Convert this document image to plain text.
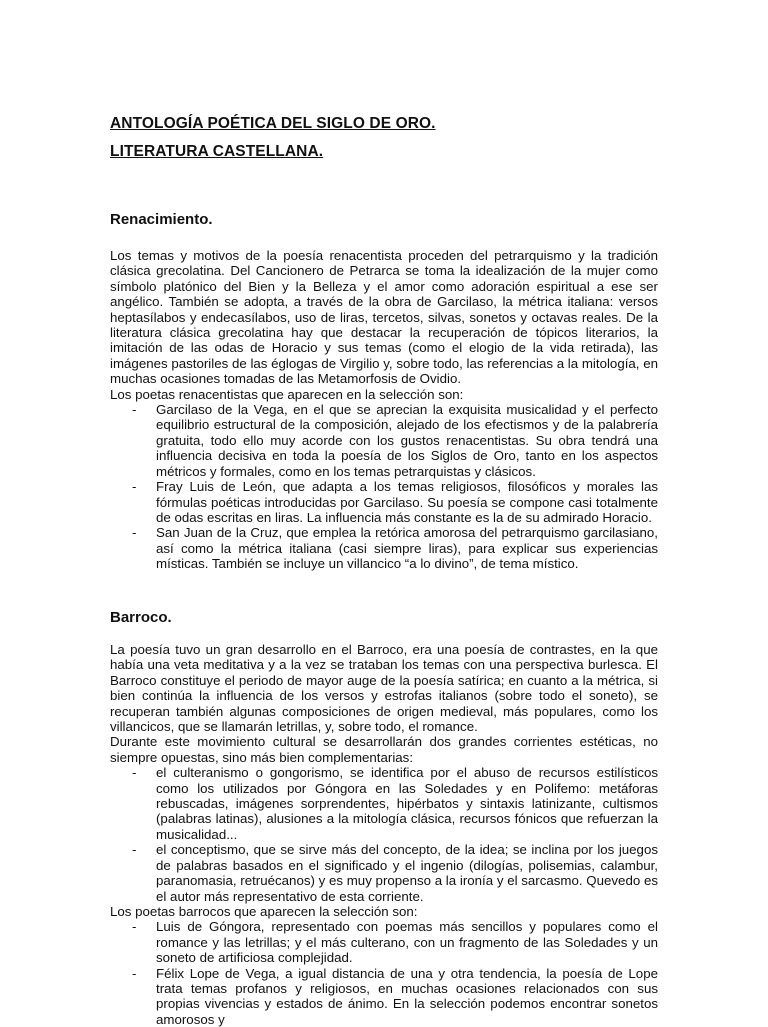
ANTOLOGÍA POÉTICA DEL SIGLO DE ORO.
LITERATURA CASTELLANA.
Renacimiento.

Los temas y motivos de la poesía renacentista proceden del petrarquismo y la tradición clásica grecolatina. Del Cancionero de Petrarca se toma la idealización de la mujer como símbolo platónico del Bien y la Belleza y el amor como adoración espiritual a ese ser angélico. También se adopta, a través de la obra de Garcilaso, la métrica italiana: versos heptasílabos y endecasílabos, uso de liras, tercetos, silvas, sonetos y octavas reales. De la literatura clásica grecolatina hay que destacar la recuperación de tópicos literarios, la imitación de las odas de Horacio y sus temas (como el elogio de la vida retirada), las imágenes pastoriles de las églogas de Virgilio y, sobre todo, las referencias a la mitología, en muchas ocasiones tomadas de las Metamorfosis de Ovidio.

Los poetas renacentistas que aparecen en la selección son:

- Garcilaso de la Vega, en el que se aprecian la exquisita musicalidad y el perfecto equilibrio estructural de la composición, alejado de los efectismos y de la palabrería gratuita, todo ello muy acorde con los gustos renacentistas. Su obra tendrá una influencia decisiva en toda la poesía de los Siglos de Oro, tanto en los aspectos métricos y formales, como en los temas petrarquistas y clásicos.
- Fray Luis de León, que adapta a los temas religiosos, filosóficos y morales las fórmulas poéticas introducidas por Garcilaso. Su poesía se compone casi totalmente de odas escritas en liras. La influencia más constante es la de su admirado Horacio.
- San Juan de la Cruz, que emplea la retórica amorosa del petrarquismo garcilasiano, así como la métrica italiana (casi siempre liras), para explicar sus experiencias místicas. También se incluye un villancico “a lo divino”, de tema místico.
Barroco.

La poesía tuvo un gran desarrollo en el Barroco, era una poesía de contrastes, en la que había una veta meditativa y a la vez se trataban los temas con una perspectiva burlesca. El Barroco constituye el periodo de mayor auge de la poesía satírica; en cuanto a la métrica, si bien continúa la influencia de los versos y estrofas italianos (sobre todo el soneto), se recuperan también algunas composiciones de origen medieval, más populares, como los villancicos, que se llamarán letrillas, y, sobre todo, el romance.

Durante este movimiento cultural se desarrollarán dos grandes corrientes estéticas, no siempre opuestas, sino más bien complementarias:

- el culteranismo o gongorismo, se identifica por el abuso de recursos estilísticos como los utilizados por Góngora en las Soledades y en Polifemo: metáforas rebuscadas, imágenes sorprendentes, hipérbatos y sintaxis latinizante, cultismos (palabras latinas), alusiones a la mitología clásica, recursos fónicos que refuerzan la musicalidad...
- el conceptismo, que se sirve más del concepto, de la idea; se inclina por los juegos de palabras basados en el significado y el ingenio (dilogías, polisemias, calambur, paranomasia, retruécanos) y es muy propenso a la ironía y el sarcasmo. Quevedo es el autor más representativo de esta corriente.

Los poetas barrocos que aparecen la selección son:

- Luis de Góngora, representado con poemas más sencillos y populares como el romance y las letrillas; y el más culterano, con un fragmento de las Soledades y un soneto de artificiosa complejidad.
- Félix Lope de Vega, a igual distancia de una y otra tendencia, la poesía de Lope trata temas profanos y religiosos, en muchas ocasiones relacionados con sus propias vivencias y estados de ánimo. En la selección podemos encontrar sonetos amorosos y
